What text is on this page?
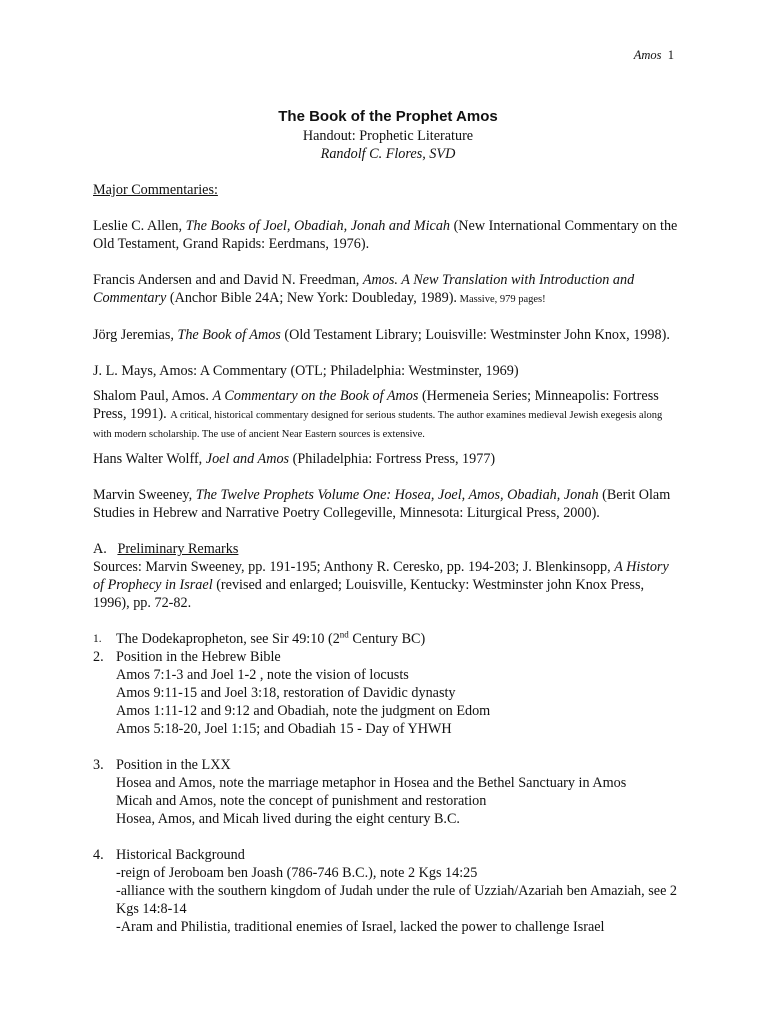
Amos 1

The Book of the Prophet Amos

Handout: Prophetic Literature

Randolf C. Flores, SVD

Major Commentaries:

Leslie C. Allen, The Books of Joel, Obadiah, Jonah and Micah (New International Commentary on the Old Testament, Grand Rapids: Eerdmans, 1976).

Francis Andersen and and David N. Freedman, Amos. A New Translation with Introduction and Commentary (Anchor Bible 24A; New York: Doubleday, 1989). Massive, 979 pages!

Jörg Jeremias, The Book of Amos (Old Testament Library; Louisville: Westminster John Knox, 1998).

J. L. Mays, Amos: A Commentary (OTL; Philadelphia: Westminster, 1969)

Shalom Paul, Amos. A Commentary on the Book of Amos (Hermeneia Series; Minneapolis: Fortress Press, 1991). A critical, historical commentary designed for serious students. The author examines medieval Jewish exegesis along with modern scholarship. The use of ancient Near Eastern sources is extensive.

Hans Walter Wolff, Joel and Amos (Philadelphia: Fortress Press, 1977)

Marvin Sweeney, The Twelve Prophets Volume One: Hosea, Joel, Amos, Obadiah, Jonah (Berit Olam Studies in Hebrew and Narrative Poetry Collegeville, Minnesota: Liturgical Press, 2000).

A. Preliminary Remarks

Sources: Marvin Sweeney, pp. 191-195; Anthony R. Ceresko, pp. 194-203; J. Blenkinsopp, A History of Prophecy in Israel (revised and enlarged; Louisville, Kentucky: Westminster john Knox Press, 1996), pp. 72-82.

1. The Dodekapropheton, see Sir 49:10 (2nd Century BC)
2. Position in the Hebrew Bible
Amos 7:1-3 and Joel 1-2 , note the vision of locusts
Amos 9:11-15 and Joel 3:18, restoration of Davidic dynasty
Amos 1:11-12 and 9:12 and Obadiah, note the judgment on Edom
Amos 5:18-20, Joel 1:15; and Obadiah 15 - Day of YHWH
3. Position in the LXX
Hosea and Amos, note the marriage metaphor in Hosea and the Bethel Sanctuary in Amos
Micah and Amos, note the concept of punishment and restoration
Hosea, Amos, and Micah lived during the eight century B.C.
4. Historical Background
-reign of Jeroboam ben Joash (786-746 B.C.), note 2 Kgs 14:25
-alliance with the southern kingdom of Judah under the rule of Uzziah/Azariah ben Amaziah, see 2 Kgs 14:8-14
-Aram and Philistia, traditional enemies of Israel, lacked the power to challenge Israel
